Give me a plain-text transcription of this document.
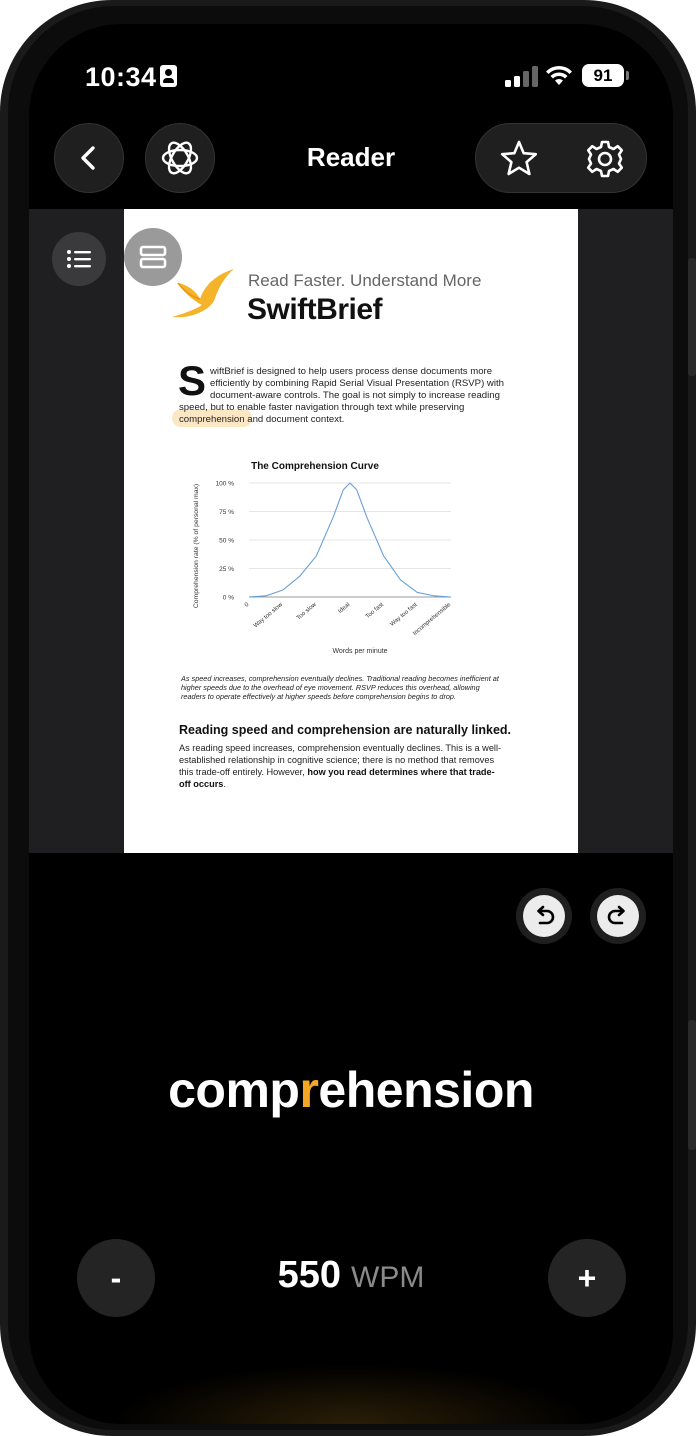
10:34	91
Reader
Read Faster. Understand More
SwiftBrief
S wiftBrief is designed to help users process dense documents more
efficiently by combining Rapid Serial Visual Presentation (RSVP) with
document-aware controls. The goal is not simply to increase reading
speed, but to enable faster navigation through text while preserving
comprehension and document context.
The Comprehension Curve
100 %
75 %
50 %
25 %
0 %
0 Way too slow Too slow	Ideal Too fast Way too fast
Incomprehensible
Words per minute
Comprehension rate (% of personal max)
As speed increases, comprehension eventually declines. Traditional reading becomes inefficient at higher speeds due to the overhead of eye movement. RSVP reduces this overhead, allowing readers to operate effectively at higher speeds before comprehension begins to drop.
Reading speed and comprehension are naturally linked.
As reading speed increases, comprehension eventually declines. This is a well-
established relationship in cognitive science; there is no method that removes
this trade-off entirely. However, how you read determines where that trade-
off occurs.
comprehension
-	550 WPM	+
